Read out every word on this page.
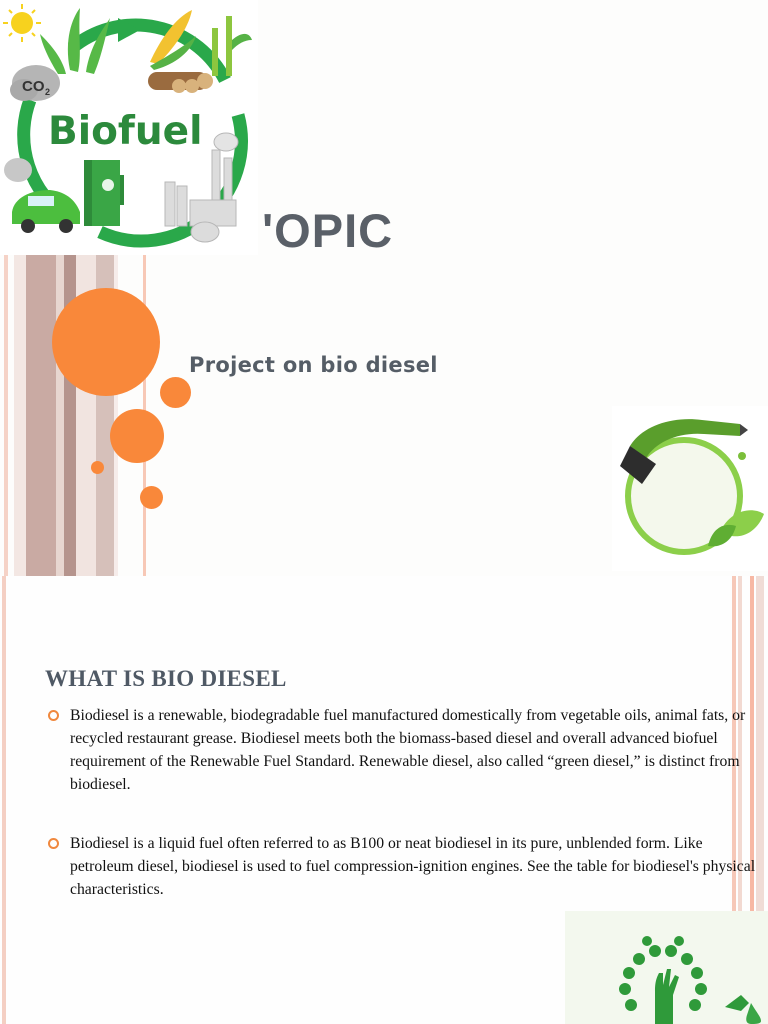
'OPIC
Project on bio diesel
CO 2
Biofuel
WHAT IS BIO DIESEL
Biodiesel is a renewable, biodegradable fuel manufactured domestically from vegetable oils, animal fats, or recycled restaurant grease. Biodiesel meets both the biomass-based diesel and overall advanced biofuel requirement of the Renewable Fuel Standard. Renewable diesel, also called “green diesel,” is distinct from biodiesel.
Biodiesel is a liquid fuel often referred to as B100 or neat biodiesel in its pure, unblended form. Like petroleum diesel, biodiesel is used to fuel compression-ignition engines. See the table for biodiesel's physical characteristics.
